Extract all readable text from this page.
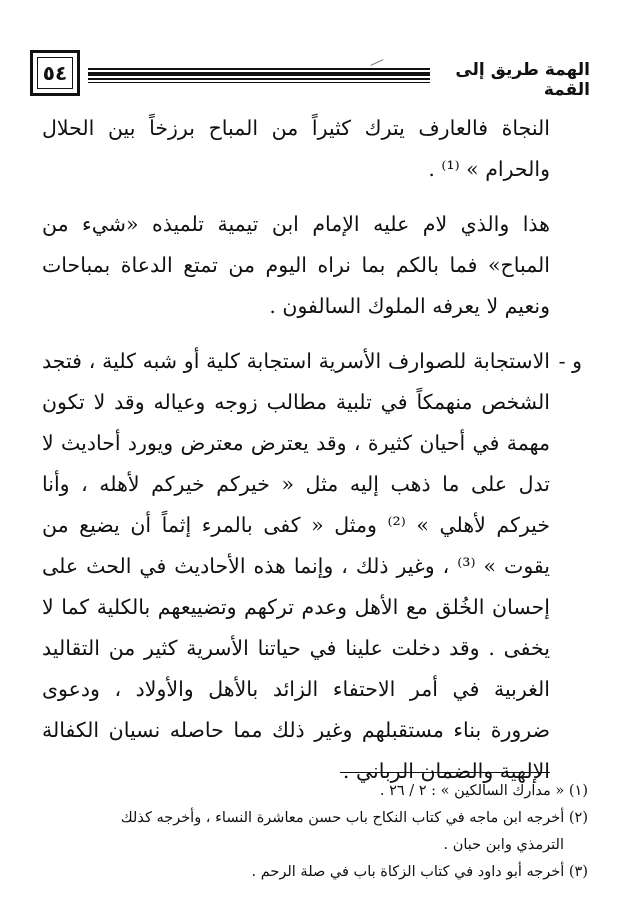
٥٤	الهمة طريق إلى القمة

النجاة فالعارف يترك كثيراً من المباح برزخاً بين الحلال والحرام » ⁽¹⁾ .

هذا والذي لام عليه الإمام ابن تيمية تلميذه «شيء من المباح» فما بالكم بما نراه اليوم من تمتع الدعاة بمباحات ونعيم لا يعرفه الملوك السالفون .

و -
الاستجابة للصوارف الأسرية استجابة كلية أو شبه كلية ، فتجد الشخص منهمكاً في تلبية مطالب زوجه وعياله وقد لا تكون مهمة في أحيان كثيرة ، وقد يعترض معترض ويورد أحاديث لا تدل على ما ذهب إليه مثل « خيركم خيركم لأهله ، وأنا خيركم لأهلي » ⁽²⁾ ومثل « كفى بالمرء إثماً أن يضيع من يقوت » ⁽³⁾ ، وغير ذلك ، وإنما هذه الأحاديث في الحث على إحسان الخُلق مع الأهل وعدم تركهم وتضييعهم بالكلية كما لا يخفى . وقد دخلت علينا في حياتنا الأسرية كثير من التقاليد الغربية في أمر الاحتفاء الزائد بالأهل والأولاد ، ودعوى ضرورة بناء مستقبلهم وغير ذلك مما حاصله نسيان الكفالة الإلهية والضمان الرباني .

(١) « مدارك السالكين » : ٢ / ٢٦ .

(٢) أخرجه ابن ماجه في كتاب النكاح باب حسن معاشرة النساء ، وأخرجه كذلك
الترمذي وابن حبان .

(٣) أخرجه أبو داود في كتاب الزكاة باب في صلة الرحم .
